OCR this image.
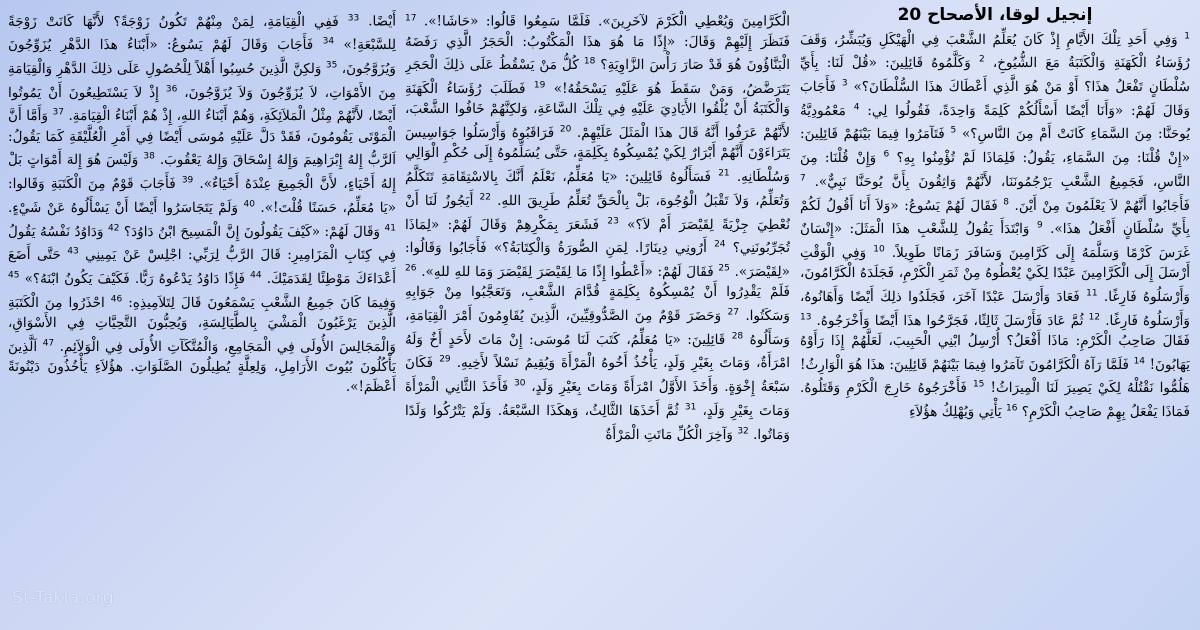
إنجيل لوقا، الأصحاح 20
$^1$ وَفِي أَحَدِ تِلْكَ الأَيَّامِ إِذْ كَانَ يُعَلِّمُ الشَّعْبَ فِي الْهَيْكَلِ وَيُبَشِّرُ، وَقَفَ رُؤَسَاءُ الْكَهَنَةِ وَالْكَتَبَةُ مَعَ الشُّيُوخِ، $^2$ وَكَلَّمُوهُ قَائِلِينَ: «قُلْ لَنَا: بِأَيِّ سُلْطَانٍ تَفْعَلُ هذَا؟ أَوْ مَنْ هُوَ الَّذِي أَعْطَاكَ هذَا السُّلْطَانَ؟» $^3$ فَأَجَابَ وَقَالَ لَهُمْ: «وَأَنَا أَيْضًا أَسْأَلُكُمْ كَلِمَةً وَاحِدَةً، فَقُولُوا لِي: $^4$ مَعْمُودِيَّةُ يُوحَنَّا: مِنَ السَّمَاءِ كَانَتْ أَمْ مِنَ النَّاسِ؟» $^5$ فَتَآمَرُوا فِيمَا بَيْنَهُمْ قَائِلِينَ: «إِنْ قُلْنَا: مِنَ السَّمَاءِ، يَقُولُ: فَلِمَاذَا لَمْ تُؤْمِنُوا بِهِ؟ $^6$ وَإِنْ قُلْنَا: مِنَ النَّاسِ، فَجَمِيعُ الشَّعْبِ يَرْجُمُونَنَا، لأَنَّهُمْ وَاثِقُونَ بِأَنَّ يُوحَنَّا نَبِيٌّ». $^7$ فَأَجَابُوا أَنَّهُمْ لاَ يَعْلَمُونَ مِنْ أَيْنَ. $^8$ فَقَالَ لَهُمْ يَسُوعُ: «وَلاَ أَنَا أَقُولُ لَكُمْ بِأَيِّ سُلْطَانٍ أَفْعَلُ هذَا». $^9$ وَابْتَدَأَ يَقُولُ لِلشَّعْبِ هذَا الْمَثَلَ: «إِنْسَانٌ غَرَسَ كَرْمًا وَسَلَّمَهُ إِلَى كَرَّامِينَ وَسَافَرَ زَمَانًا طَوِيلاً. $^{10}$ وَفِي الْوَقْتِ أَرْسَلَ إِلَى الْكَرَّامِينَ عَبْدًا لِكَيْ يُعْطُوهُ مِنْ ثَمَرِ الْكَرْمِ، فَجَلَدَهُ الْكَرَّامُونَ، وَأَرْسَلُوهُ فَارِغًا. $^{11}$ فَعَادَ وَأَرْسَلَ عَبْدًا آخَرَ، فَجَلَدُوا ذلِكَ أَيْضًا وَأَهَانُوهُ، وَأَرْسَلُوهُ فَارِغًا. $^{12}$ ثُمَّ عَادَ فَأَرْسَلَ ثَالِثًا، فَجَرَّحُوا هذَا أَيْضًا وَأَخْرَجُوهُ. $^{13}$ فَقَالَ صَاحِبُ الْكَرْمِ: مَاذَا أَفْعَلُ؟ أُرْسِلُ ابْنِي الْحَبِيبَ، لَعَلَّهُمْ إِذَا رَأَوْهُ يَهَابُونَ! $^{14}$ فَلَمَّا رَآهُ الْكَرَّامُونَ تَآمَرُوا فِيمَا بَيْنَهُمْ قَائِلِينَ: هذَا هُوَ الْوَارِثُ! هَلُمُّوا نَقْتُلْهُ لِكَيْ يَصِيرَ لَنَا الْمِيرَاثُ! $^{15}$ فَأَخْرَجُوهُ خَارِجَ الْكَرْمِ وَقَتَلُوهُ. فَمَاذَا يَفْعَلُ بِهِمْ صَاحِبُ الْكَرْمِ؟ $^{16}$ يَأْتِي وَيُهْلِكُ هؤُلاَءِ
الْكَرَّامِينَ وَيُعْطِي الْكَرْمَ لآخَرِينَ». فَلَمَّا سَمِعُوا قَالُوا: «حَاشَا!». $^{17}$ فَنَظَرَ إِلَيْهِمْ وَقَالَ: «إِذًا مَا هُوَ هذَا الْمَكْتُوبُ: الْحَجَرُ الَّذِي رَفَضَهُ الْبَنَّاؤُونَ هُوَ قَدْ صَارَ رَأْسَ الزَّاوِيَةِ؟ $^{18}$ كُلُّ مَنْ يَسْقُطُ عَلَى ذلِكَ الْحَجَرِ يَتَرَضَّضُ، وَمَنْ سَقَطَ هُوَ عَلَيْهِ يَسْحَقُهُ!» $^{19}$ فَطَلَبَ رُؤَسَاءُ الْكَهَنَةِ وَالْكَتَبَةُ أَنْ يُلْقُوا الأَيَادِيَ عَلَيْهِ فِي تِلْكَ السَّاعَةِ، وَلكِنَّهُمْ خَافُوا الشَّعْبَ، لأَنَّهُمْ عَرَفُوا أَنَّهُ قَالَ هذَا الْمَثَلَ عَلَيْهِمْ. $^{20}$ فَرَاقَبُوهُ وَأَرْسَلُوا جَوَاسِيسَ يَتَرَاءَوْنَ أَنَّهُمْ أَبْرَارٌ لِكَيْ يُمْسِكُوهُ بِكَلِمَةٍ، حَتَّى يُسَلِّمُوهُ إِلَى حُكْمِ الْوَالِي وَسُلْطَانِهِ. $^{21}$ فَسَأَلُوهُ قَائِلِينَ: «يَا مُعَلِّمُ، نَعْلَمُ أَنَّكَ بِالاسْتِقَامَةِ تَتَكَلَّمُ وَتُعَلِّمُ، وَلاَ تَقْبَلُ الْوُجُوهَ، بَلْ بِالْحَقِّ تُعَلِّمُ طَرِيقَ اللهِ. $^{22}$ أَيَجُوزُ لَنَا أَنْ نُعْطِيَ جِزْيَةً لِقَيْصَرَ أَمْ لاَ؟» $^{23}$ فَشَعَرَ بِمَكْرِهِمْ وَقَالَ لَهُمْ: «لِمَاذَا تُجَرِّبُونَنِي؟ $^{24}$ أَرُونِي دِينَارًا. لِمَنِ الصُّورَةُ وَالْكِتَابَةُ؟» فَأَجَابُوا وَقَالُوا: «لِقَيْصَرَ». $^{25}$ فَقَالَ لَهُمْ: «أَعْطُوا إِذًا مَا لِقَيْصَرَ لِقَيْصَرَ وَمَا للهِ للهِ». $^{26}$ فَلَمْ يَقْدِرُوا أَنْ يُمْسِكُوهُ بِكَلِمَةٍ قُدَّامَ الشَّعْبِ، وَتَعَجَّبُوا مِنْ جَوَابِهِ وَسَكَتُوا. $^{27}$ وَحَضَرَ قَوْمٌ مِنَ الصَّدُّوقِيِّينَ، الَّذِينَ يُقَاوِمُونَ أَمْرَ الْقِيَامَةِ، وَسَأَلُوهُ $^{28}$ قَائِلِينَ: «يَا مُعَلِّمُ، كَتَبَ لَنَا مُوسَى: إِنْ مَاتَ لأَحَدٍ أَخٌ وَلَهُ امْرَأَةٌ، وَمَاتَ بِغَيْرِ وَلَدٍ، يَأْخُذُ أَخُوهُ الْمَرْأَةَ وَيُقِيمُ نَسْلاً لأَخِيهِ. $^{29}$ فَكَانَ سَبْعَةُ إِخْوَةٍ. وَأَخَذَ الأَوَّلُ امْرَأَةً وَمَاتَ بِغَيْرِ وَلَدٍ، $^{30}$ فَأَخَذَ الثَّانِي الْمَرْأَةَ وَمَاتَ بِغَيْرِ وَلَدٍ، $^{31}$ ثُمَّ أَخَذَهَا الثَّالِثُ، وَهكَذَا السَّبْعَةُ. وَلَمْ يَتْرُكُوا وَلَدًا وَمَاتُوا. $^{32}$ وَآخِرَ الْكُلِّ مَاتَتِ الْمَرْأَةُ
أَيْضًا. $^{33}$ فَفِي الْقِيَامَةِ، لِمَنْ مِنْهُمْ تَكُونُ زَوْجَةً؟ لأَنَّهَا كَانَتْ زَوْجَةً لِلسَّبْعَةِ!» $^{34}$ فَأَجَابَ وَقَالَ لَهُمْ يَسُوعُ: «أَبْنَاءُ هذَا الدَّهْرِ يُزَوِّجُونَ وَيُزَوَّجُونَ، $^{35}$ وَلكِنَّ الَّذِينَ حُسِبُوا أَهْلاً لِلْحُصُولِ عَلَى ذلِكَ الدَّهْرِ وَالْقِيَامَةِ مِنَ الأَمْوَاتِ، لاَ يُزَوِّجُونَ وَلاَ يُزَوَّجُونَ، $^{36}$ إِذْ لاَ يَسْتَطِيعُونَ أَنْ يَمُوتُوا أَيْضًا، لأَنَّهُمْ مِثْلُ الْمَلاَئِكَةِ، وَهُمْ أَبْنَاءُ اللهِ، إِذْ هُمْ أَبْنَاءُ الْقِيَامَةِ. $^{37}$ وَأَمَّا أَنَّ الْمَوْتَى يَقُومُونَ، فَقَدْ دَلَّ عَلَيْهِ مُوسَى أَيْضًا فِي أَمْرِ الْعُلَّيْقَةِ كَمَا يَقُولُ: اَلرَّبُّ إِلهُ إِبْرَاهِيمَ وَإِلهُ إِسْحَاقَ وَإِلهُ يَعْقُوبَ. $^{38}$ وَلَيْسَ هُوَ إِلهَ أَمْوَاتٍ بَلْ إِلهُ أَحْيَاءٍ، لأَنَّ الْجَمِيعَ عِنْدَهُ أَحْيَاءٌ». $^{39}$ فَأَجَابَ قَوْمٌ مِنَ الْكَتَبَةِ وَقَالوا: «يَا مُعَلِّمُ، حَسَنًا قُلْتَ!». $^{40}$ وَلَمْ يَتَجَاسَرُوا أَيْضًا أَنْ يَسْأَلُوهُ عَنْ شَيْءٍ. $^{41}$ وَقَالَ لَهُمْ: «كَيْفَ يَقُولُونَ إِنَّ الْمَسِيحَ ابْنُ دَاوُدَ؟ $^{42}$ وَدَاوُدُ نَفْسُهُ يَقُولُ فِي كِتَابِ الْمَزَامِيرِ: قَالَ الرَّبُّ لِرَبِّي: اجْلِسْ عَنْ يَمِينِي $^{43}$ حَتَّى أَضَعَ أَعْدَاءَكَ مَوْطِئًا لِقَدَمَيْكَ. $^{44}$ فَإِذًا دَاوُدُ يَدْعُوهُ رَبًّا. فَكَيْفَ يَكُونُ ابْنَهُ؟» $^{45}$ وَفِيمَا كَانَ جَمِيعُ الشَّعْبِ يَسْمَعُونَ قَالَ لِتَلاَمِيذِهِ: $^{46}$ احْذَرُوا مِنَ الْكَتَبَةِ الَّذِينَ يَرْغَبُونَ الْمَشْيَ بِالطَّيَالِسَةِ، وَيُحِبُّونَ التَّحِيَّاتِ فِي الأَسْوَاقِ، وَالْمَجَالِسَ الأُولَى فِي الْمَجَامِعِ، وَالْمُتَّكَآتِ الأُولَى فِي الْوَلاَئِمِ. $^{47}$ اَلَّذِينَ يَأْكُلُونَ بُيُوتَ الأَرَامِلِ، وَلِعِلَّةٍ يُطِيلُونَ الصَّلَوَاتِ. هؤُلاَءِ يَأْخُذُونَ دَيْنُونَةً أَعْظَمَ!».
St-Takla.org
